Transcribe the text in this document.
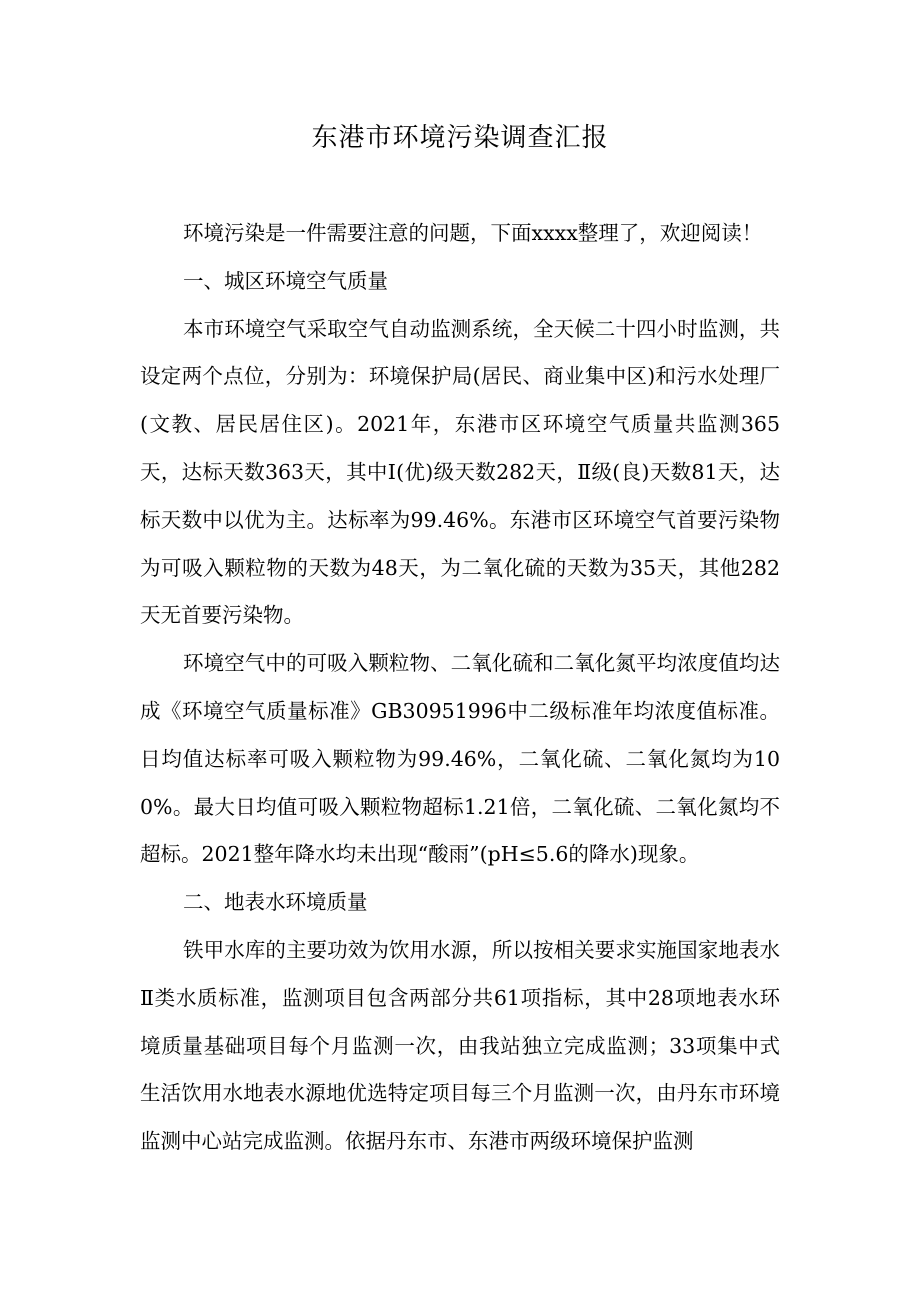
东港市环境污染调查汇报

环境污染是一件需要注意的问题，下面xxxx整理了，欢迎阅读！

一、城区环境空气质量

本市环境空气采取空气自动监测系统，全天候二十四小时监测，共设定两个点位，分别为：环境保护局(居民、商业集中区)和污水处理厂(文教、居民居住区)。2021年，东港市区环境空气质量共监测365天，达标天数363天，其中Ⅰ(优)级天数282天，Ⅱ级(良)天数81天，达标天数中以优为主。达标率为99.46%。东港市区环境空气首要污染物为可吸入颗粒物的天数为48天，为二氧化硫的天数为35天，其他282天无首要污染物。

环境空气中的可吸入颗粒物、二氧化硫和二氧化氮平均浓度值均达成《环境空气质量标准》GB30951996中二级标准年均浓度值标准。日均值达标率可吸入颗粒物为99.46%，二氧化硫、二氧化氮均为100%。最大日均值可吸入颗粒物超标1.21倍，二氧化硫、二氧化氮均不超标。2021整年降水均未出现“酸雨”(pH≤5.6的降水)现象。

二、地表水环境质量

铁甲水库的主要功效为饮用水源，所以按相关要求实施国家地表水Ⅱ类水质标准，监测项目包含两部分共61项指标，其中28项地表水环境质量基础项目每个月监测一次，由我站独立完成监测；33项集中式生活饮用水地表水源地优选特定项目每三个月监测一次，由丹东市环境监测中心站完成监测。依据丹东市、东港市两级环境保护监测
